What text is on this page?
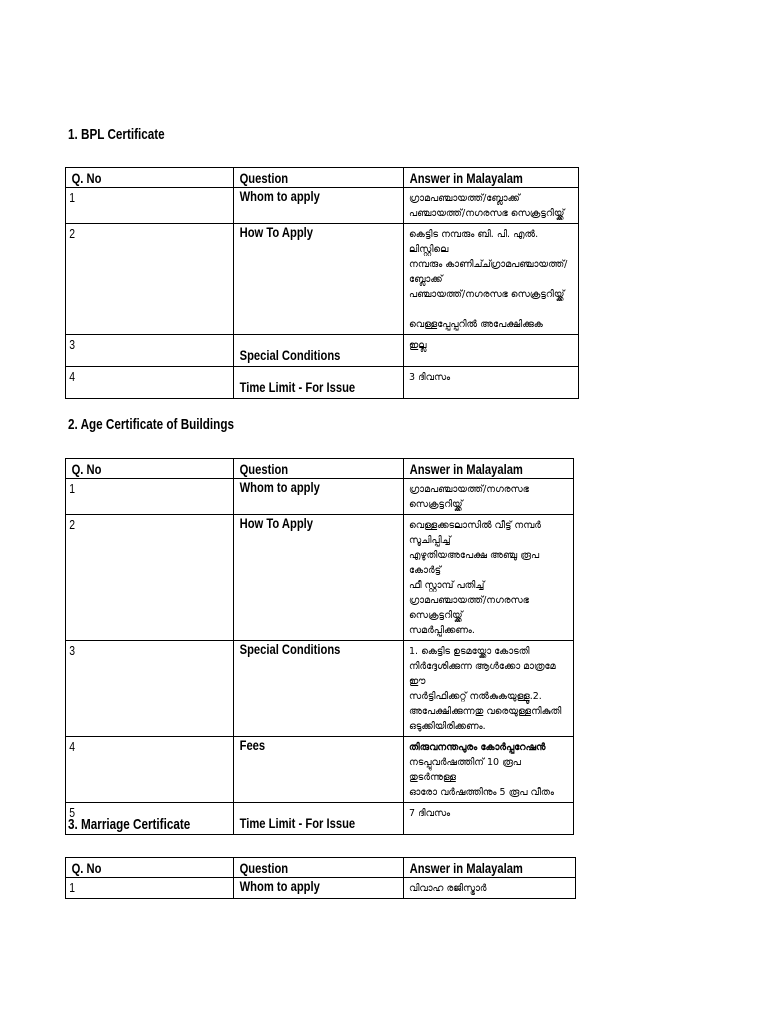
1. BPL Certificate
Q. No	Question	Answer in Malayalam
1	Whom to apply	ഗ്രാമപഞ്ചായത്ത്/ബ്ലോക്ക്
പഞ്ചായത്ത്/നഗരസഭ സെക്രട്ടറിയ്ക്ക്

2	How To Apply	കെട്ടിട നമ്പരും ബി. പി. എൽ. ലിസ്റ്റിലെ
നമ്പരും കാണിച്ച്ഗ്രാമപഞ്ചായത്ത്/ബ്ലോക്ക്
പഞ്ചായത്ത്/നഗരസഭ സെക്രട്ടറിയ്ക്ക്

വെള്ളപ്പേപ്പറിൽ അപേക്ഷിക്കുക

3	Special Conditions	ഇല്ല

4	Time Limit - For Issue	3 ദിവസം
2. Age Certificate of Buildings
Q. No	Question	Answer in Malayalam
1	Whom to apply	ഗ്രാമപഞ്ചായത്ത്/നഗരസഭ സെക്രട്ടറിയ്ക്ക്

2	How To Apply	വെള്ളക്കടലാസിൽ വീട്ട് നമ്പർ സൂചിപ്പിച്ച്
എഴുതിയഅപേക്ഷ അഞ്ചു രൂപ കോർട്ട്
ഫീ സ്റ്റാമ്പ് പതിച്ച്
ഗ്രാമപഞ്ചായത്ത്/നഗരസഭ സെക്രട്ടറിയ്ക്ക്
സമർപ്പിക്കണം.

3	Special Conditions	1. കെട്ടിട ഉടമയ്ക്കോ കോടതി
നിർദ്ദേശിക്കുന്ന ആൾക്കോ മാത്രമേ ഈ
സർട്ടിഫിക്കറ്റ് നൽകുകയുള്ളൂ.2.
അപേക്ഷിക്കുന്നതു വരെയുള്ളനികുതി
ഒടുക്കിയിരിക്കണം.

4	Fees	തിരുവനന്തപുരം കോർപ്പറേഷൻ
നടപ്പുവർഷത്തിന് 10 രൂപ തുടർന്നുള്ള
ഓരോ വർഷത്തിനും 5 രൂപ വീതം

5	Time Limit - For Issue	7 ദിവസം
3. Marriage Certificate
Q. No	Question	Answer in Malayalam
1	Whom to apply	വിവാഹ രജിസ്ട്രാർ
